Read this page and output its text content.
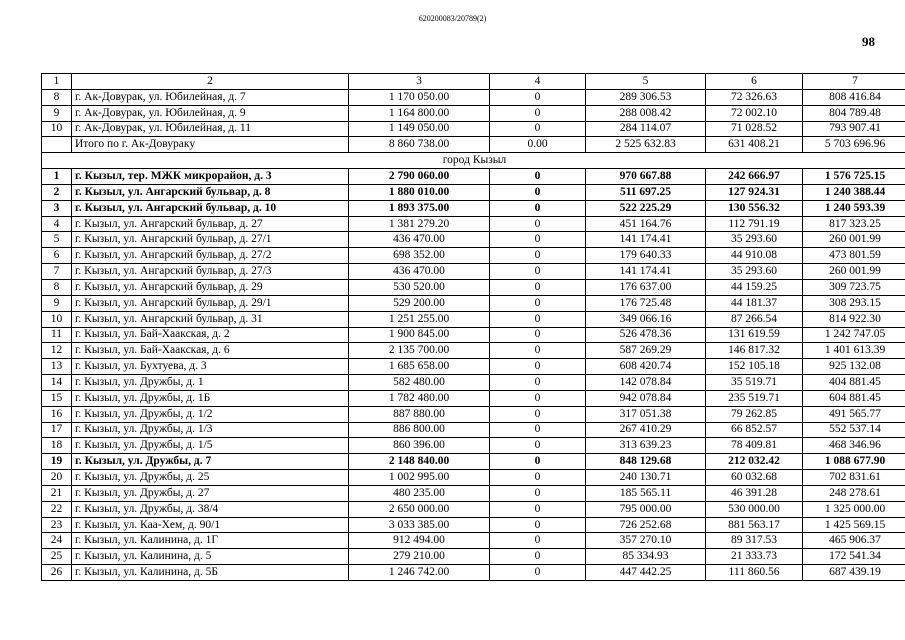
620200083/20789(2)
98
1	2	3	4	5	6	7
8	г. Ак-Довурак, ул. Юбилейная, д. 7	1 170 050.00	0	289 306.53	72 326.63	808 416.84
9	г. Ак-Довурак, ул. Юбилейная, д. 9	1 164 800.00	0	288 008.42	72 002.10	804 789.48
10	г. Ак-Довурак, ул. Юбилейная, д. 11	1 149 050.00	0	284 114.07	71 028.52	793 907.41
	Итого по г. Ак-Довураку	8 860 738.00	0.00	2 525 632.83	631 408.21	5 703 696.96
город Кызыл						
1	г. Кызыл, тер. МЖК микрорайон, д. 3	2 790 060.00	0	970 667.88	242 666.97	1 576 725.15
2	г. Кызыл, ул. Ангарский бульвар, д. 8	1 880 010.00	0	511 697.25	127 924.31	1 240 388.44
3	г. Кызыл, ул. Ангарский бульвар, д. 10	1 893 375.00	0	522 225.29	130 556.32	1 240 593.39
4	г. Кызыл, ул. Ангарский бульвар, д. 27	1 381 279.20	0	451 164.76	112 791.19	817 323.25
5	г. Кызыл, ул. Ангарский бульвар, д. 27/1	436 470.00	0	141 174.41	35 293.60	260 001.99
6	г. Кызыл, ул. Ангарский бульвар, д. 27/2	698 352.00	0	179 640.33	44 910.08	473 801.59
7	г. Кызыл, ул. Ангарский бульвар, д. 27/3	436 470.00	0	141 174.41	35 293.60	260 001.99
8	г. Кызыл, ул. Ангарский бульвар, д. 29	530 520.00	0	176 637.00	44 159.25	309 723.75
9	г. Кызыл, ул. Ангарский бульвар, д. 29/1	529 200.00	0	176 725.48	44 181.37	308 293.15
10	г. Кызыл, ул. Ангарский бульвар, д. 31	1 251 255.00	0	349 066.16	87 266.54	814 922.30
11	г. Кызыл, ул. Бай-Хаакская, д. 2	1 900 845.00	0	526 478.36	131 619.59	1 242 747.05
12	г. Кызыл, ул. Бай-Хаакская, д. 6	2 135 700.00	0	587 269.29	146 817.32	1 401 613.39
13	г. Кызыл, ул. Бухтуева, д. 3	1 685 658.00	0	608 420.74	152 105.18	925 132.08
14	г. Кызыл, ул. Дружбы, д. 1	582 480.00	0	142 078.84	35 519.71	404 881.45
15	г. Кызыл, ул. Дружбы, д. 1Б	1 782 480.00	0	942 078.84	235 519.71	604 881.45
16	г. Кызыл, ул. Дружбы, д. 1/2	887 880.00	0	317 051.38	79 262.85	491 565.77
17	г. Кызыл, ул. Дружбы, д. 1/3	886 800.00	0	267 410.29	66 852.57	552 537.14
18	г. Кызыл, ул. Дружбы, д. 1/5	860 396.00	0	313 639.23	78 409.81	468 346.96
19	г. Кызыл, ул. Дружбы, д. 7	2 148 840.00	0	848 129.68	212 032.42	1 088 677.90
20	г. Кызыл, ул. Дружбы, д. 25	1 002 995.00	0	240 130.71	60 032.68	702 831.61
21	г. Кызыл, ул. Дружбы, д. 27	480 235.00	0	185 565.11	46 391.28	248 278.61
22	г. Кызыл, ул. Дружбы, д. 38/4	2 650 000.00	0	795 000.00	530 000.00	1 325 000.00
23	г. Кызыл, ул. Каа-Хем, д. 90/1	3 033 385.00	0	726 252.68	881 563.17	1 425 569.15
24	г. Кызыл, ул. Калинина, д. 1Г	912 494.00	0	357 270.10	89 317.53	465 906.37
25	г. Кызыл, ул. Калинина, д. 5	279 210.00	0	85 334.93	21 333.73	172 541.34
26	г. Кызыл, ул. Калинина, д. 5Б	1 246 742.00	0	447 442.25	111 860.56	687 439.19
